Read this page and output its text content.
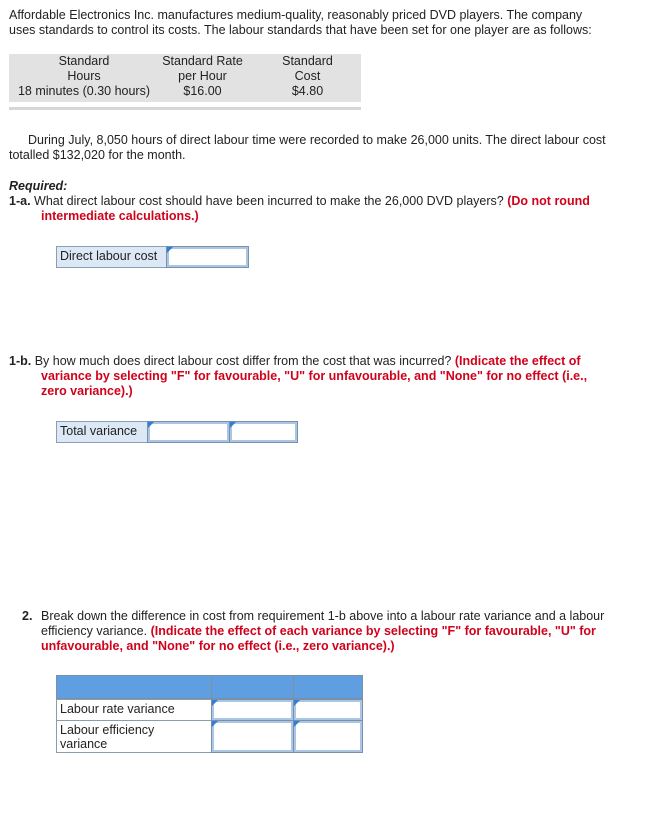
Affordable Electronics Inc. manufactures medium-quality, reasonably priced DVD players. The company
uses standards to control its costs. The labour standards that have been set for one player are as follows:
Standard
Hours
18 minutes (0.30 hours)
Standard Rate
per Hour
$16.00
Standard
Cost
$4.80
During July, 8,050 hours of direct labour time were recorded to make 26,000 units. The direct labour cost
totalled $132,020 for the month.
Required:
1-a. What direct labour cost should have been incurred to make the 26,000 DVD players? (Do not round
intermediate calculations.)
Direct labour cost
1-b. By how much does direct labour cost differ from the cost that was incurred? (Indicate the effect of
variance by selecting "F" for favourable, "U" for unfavourable, and "None" for no effect (i.e.,
zero variance).)
Total variance
2. Break down the difference in cost from requirement 1-b above into a labour rate variance and a labour
efficiency variance. (Indicate the effect of each variance by selecting "F" for favourable, "U" for
unfavourable, and "None" for no effect (i.e., zero variance).)
Labour rate variance
Labour efficiency
variance
